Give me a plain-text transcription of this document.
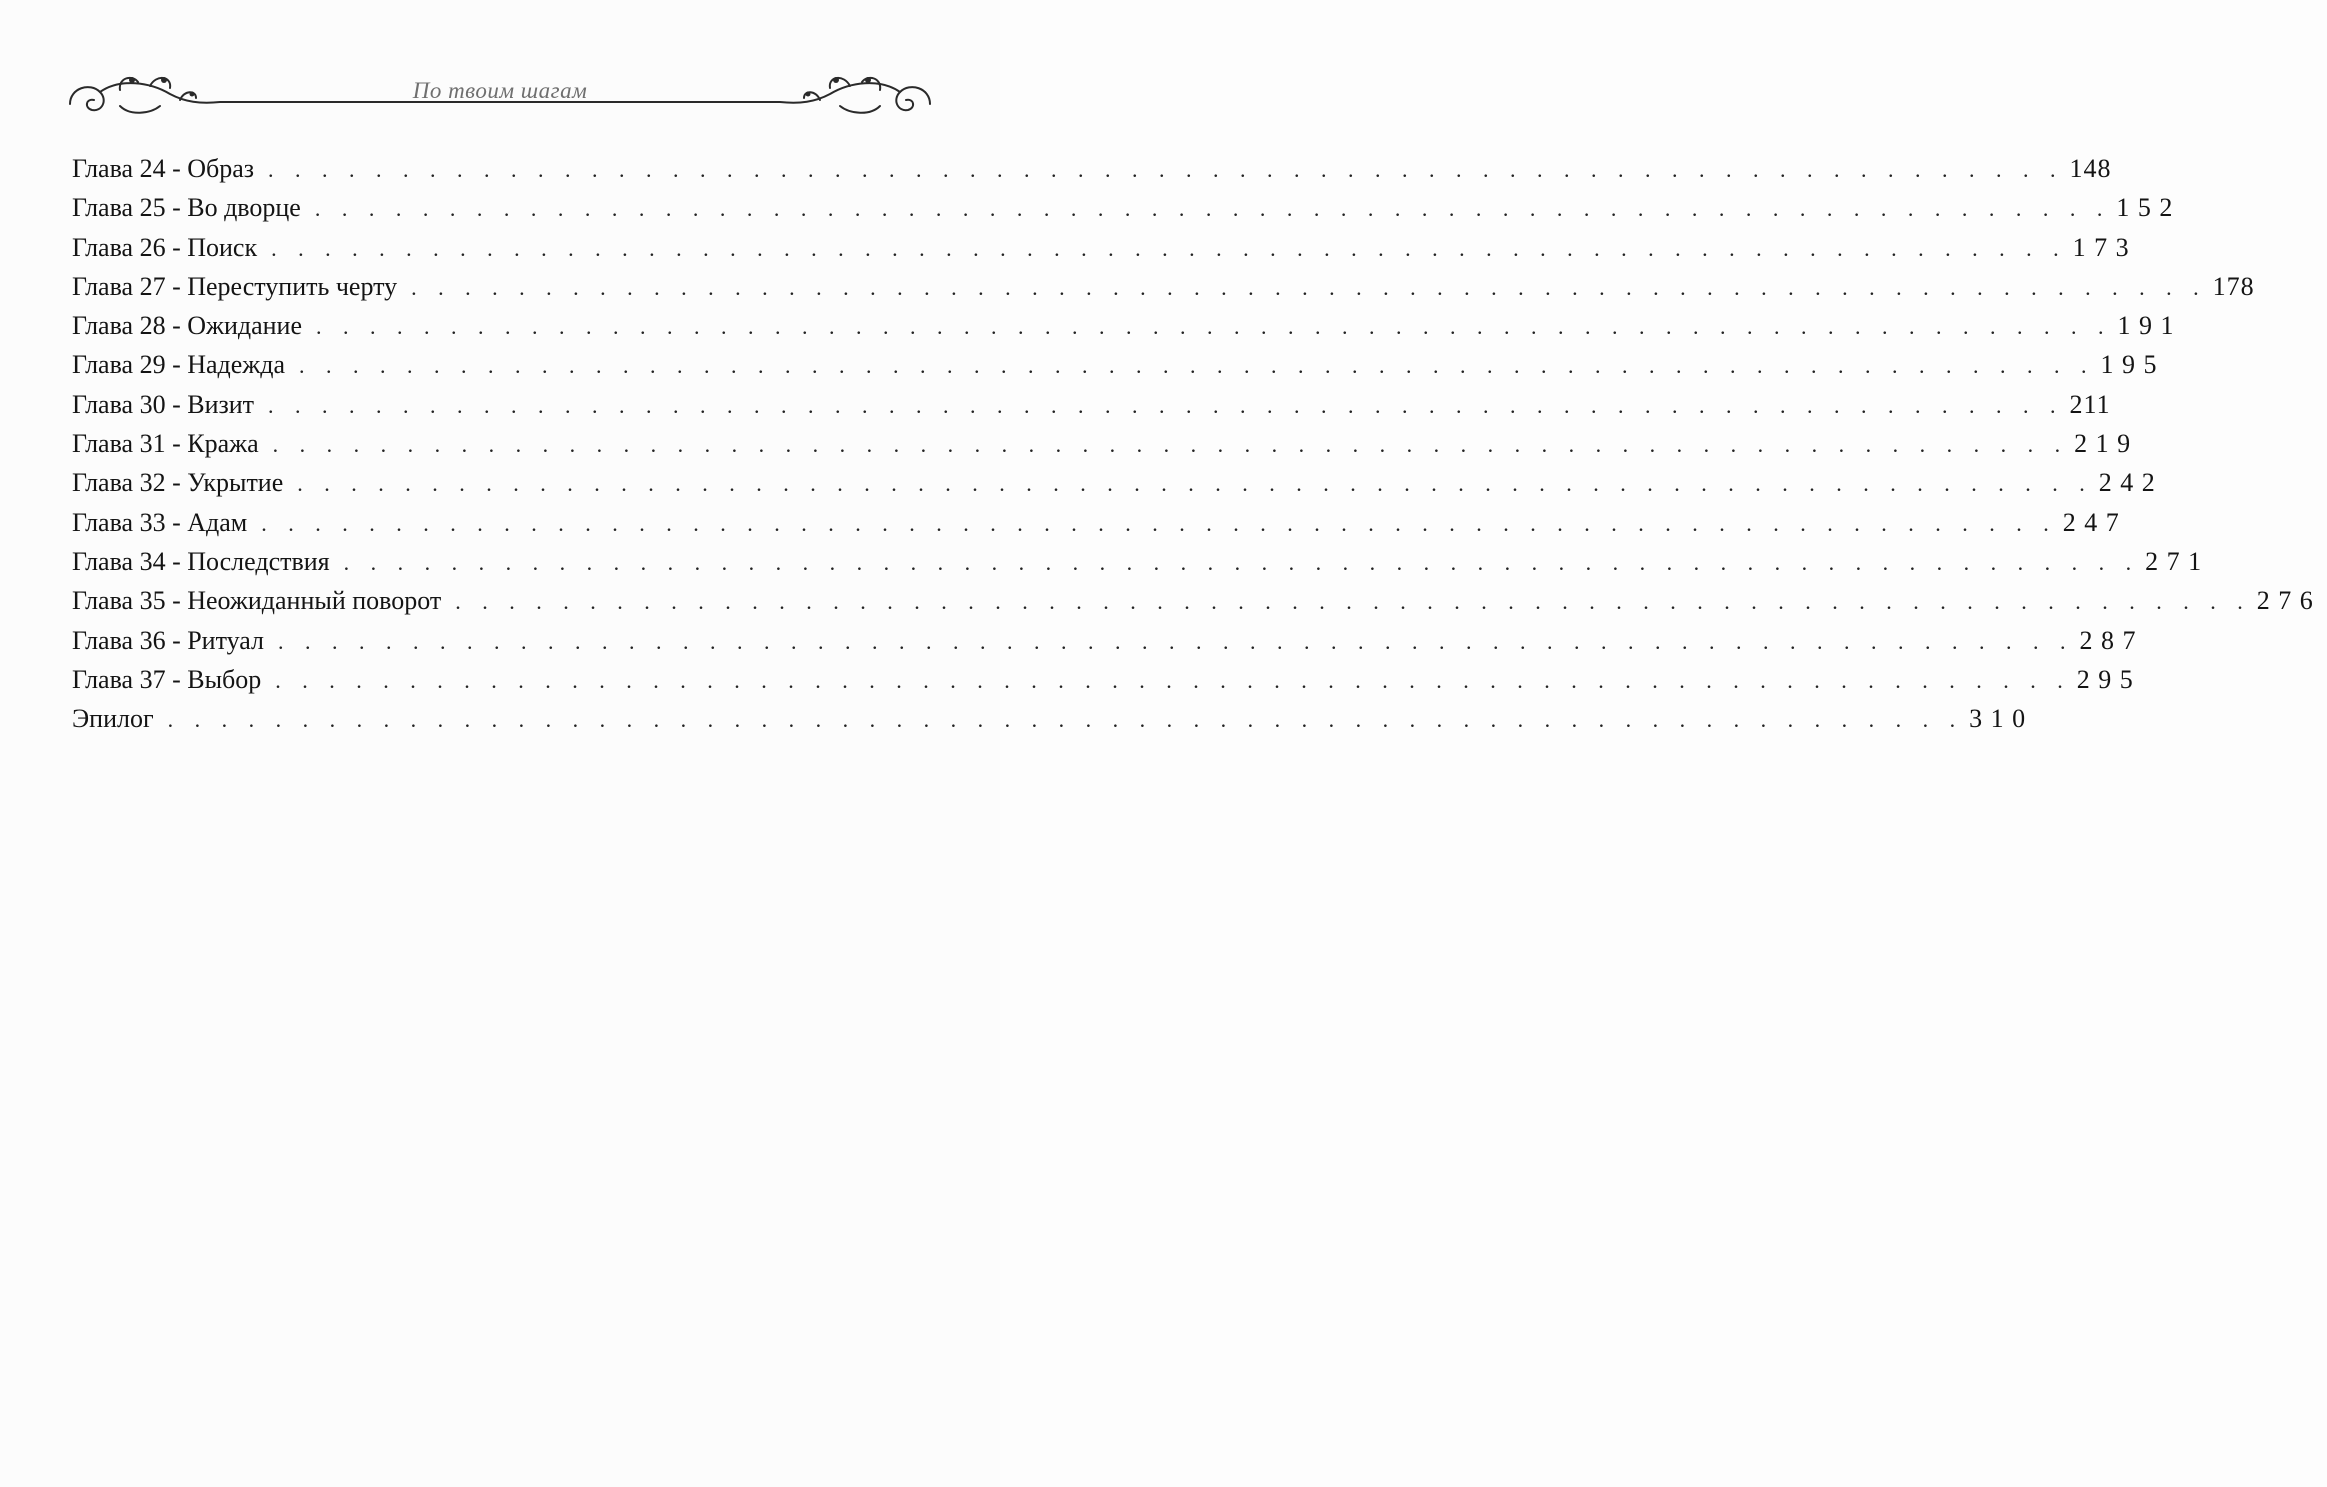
По твоим шагам
Глава 24 - Образ . . . . . . . . . . . . . . . . . . . . . . . . . . . . . . . . . . . . . . . . . . . . . . . . . . . . . . . . . . . . . . . . . . . 148
Глава 25 - Во дворце . . . . . . . . . . . . . . . . . . . . . . . . . . . . . . . . . . . . . . . . . . . . . . . . . . . . . . . . . . . . . . . . . . . 1 5 2
Глава 26 - Поиск . . . . . . . . . . . . . . . . . . . . . . . . . . . . . . . . . . . . . . . . . . . . . . . . . . . . . . . . . . . . . . . . . . . 1 7 3
Глава 27 - Переступить черту . . . . . . . . . . . . . . . . . . . . . . . . . . . . . . . . . . . . . . . . . . . . . . . . . . . . . . . . . . . . . . . . . . . 178
Глава 28 - Ожидание . . . . . . . . . . . . . . . . . . . . . . . . . . . . . . . . . . . . . . . . . . . . . . . . . . . . . . . . . . . . . . . . . . . 1 9 1
Глава 29 - Надежда . . . . . . . . . . . . . . . . . . . . . . . . . . . . . . . . . . . . . . . . . . . . . . . . . . . . . . . . . . . . . . . . . . . 1 9 5
Глава 30 - Визит . . . . . . . . . . . . . . . . . . . . . . . . . . . . . . . . . . . . . . . . . . . . . . . . . . . . . . . . . . . . . . . . . . . 211
Глава 31 - Кража . . . . . . . . . . . . . . . . . . . . . . . . . . . . . . . . . . . . . . . . . . . . . . . . . . . . . . . . . . . . . . . . . . . 2 1 9
Глава 32 - Укрытие . . . . . . . . . . . . . . . . . . . . . . . . . . . . . . . . . . . . . . . . . . . . . . . . . . . . . . . . . . . . . . . . . . . 2 4 2
Глава 33 - Адам . . . . . . . . . . . . . . . . . . . . . . . . . . . . . . . . . . . . . . . . . . . . . . . . . . . . . . . . . . . . . . . . . . . 2 4 7
Глава 34 - Последствия . . . . . . . . . . . . . . . . . . . . . . . . . . . . . . . . . . . . . . . . . . . . . . . . . . . . . . . . . . . . . . . . . . . 2 7 1
Глава 35 - Неожиданный поворот . . . . . . . . . . . . . . . . . . . . . . . . . . . . . . . . . . . . . . . . . . . . . . . . . . . . . . . . . . . . . . . . . . . 2 7 6
Глава 36 - Ритуал . . . . . . . . . . . . . . . . . . . . . . . . . . . . . . . . . . . . . . . . . . . . . . . . . . . . . . . . . . . . . . . . . . . 2 8 7
Глава 37 - Выбор . . . . . . . . . . . . . . . . . . . . . . . . . . . . . . . . . . . . . . . . . . . . . . . . . . . . . . . . . . . . . . . . . . . 2 9 5
Эпилог . . . . . . . . . . . . . . . . . . . . . . . . . . . . . . . . . . . . . . . . . . . . . . . . . . . . . . . . . . . . . . . . . . . 3 1 0
